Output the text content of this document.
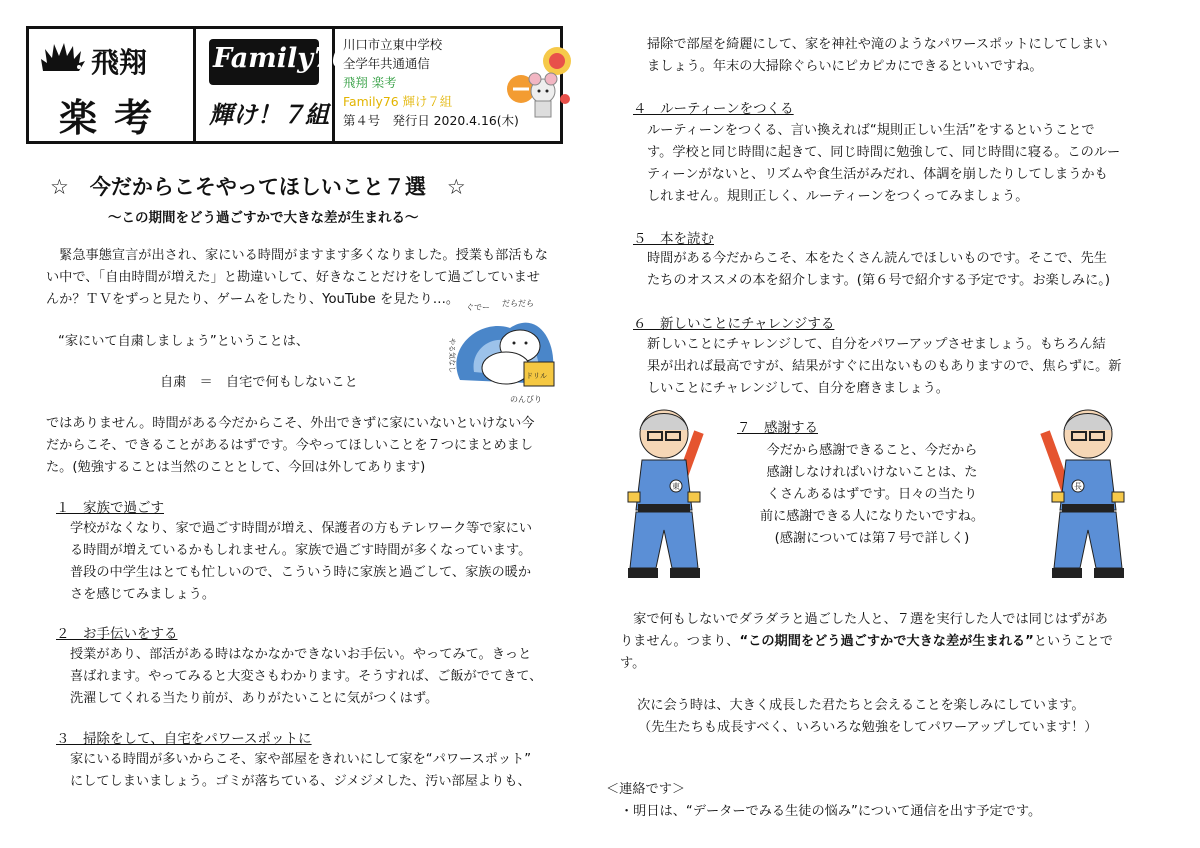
飛翔
楽 考
Family76
輝け！７組
川口市立東中学校
全学年共通通信
飛翔 楽考
Family76 輝け７組
第４号　発行日 2020.4.16(木)
☆　今だからこそやってほしいこと７選　☆
～この期間をどう過ごすかで大きな差が生まれる～
　緊急事態宣言が出され、家にいる時間がますます多くなりました。授業も部活もな
い中で、「自由時間が増えた」と勘違いして、好きなことだけをして過ごしていませ
んか？ＴＶをずっと見たり、ゲームをしたり、YouTube を見たり…。
“家にいて自粛しましょう”ということは、
自粛　＝　自宅で何もしないこと
のんびり
ぐでー だらだら
ドリル
やる気なし
ではありません。時間がある今だからこそ、外出できずに家にいないといけない今
だからこそ、できることがあるはずです。今やってほしいことを７つにまとめまし
た。(勉強することは当然のこととして、今回は外してあります)
１　家族で過ごす
学校がなくなり、家で過ごす時間が増え、保護者の方もテレワーク等で家にい
る時間が増えているかもしれません。家族で過ごす時間が多くなっています。
普段の中学生はとても忙しいので、こういう時に家族と過ごして、家族の暖か
さを感じてみましょう。
２　お手伝いをする
授業があり、部活がある時はなかなかできないお手伝い。やってみて。きっと
喜ばれます。やってみると大変さもわかります。そうすれば、ご飯がでてきて、
洗濯してくれる当たり前が、ありがたいことに気がつくはず。
３　掃除をして、自宅をパワースポットに
家にいる時間が多いからこそ、家や部屋をきれいにして家を“パワースポット”
にしてしまいましょう。ゴミが落ちている、ジメジメした、汚い部屋よりも、
掃除で部屋を綺麗にして、家を神社や滝のようなパワースポットにしてしまい
ましょう。年末の大掃除ぐらいにピカピカにできるといいですね。
４　ルーティーンをつくる
ルーティーンをつくる、言い換えれば“規則正しい生活”をするということで
す。学校と同じ時間に起きて、同じ時間に勉強して、同じ時間に寝る。このルー
ティーンがないと、リズムや食生活がみだれ、体調を崩したりしてしまうかも
しれません。規則正しく、ルーティーンをつくってみましょう。
５　本を読む
時間がある今だからこそ、本をたくさん読んでほしいものです。そこで、先生
たちのオススメの本を紹介します。(第６号で紹介する予定です。お楽しみに。)
６　新しいことにチャレンジする
新しいことにチャレンジして、自分をパワーアップさせましょう。もちろん結
果が出れば最高ですが、結果がすぐに出ないものもありますので、焦らずに。新
しいことにチャレンジして、自分を磨きましょう。
東
７　感謝する
今だから感謝できること、今だから
感謝しなければいけないことは、た
くさんあるはずです。日々の当たり
前に感謝できる人になりたいですね。
(感謝については第７号で詳しく)
長
　家で何もしないでダラダラと過ごした人と、７選を実行した人では同じはずがあ
りません。つまり、“この期間をどう過ごすかで大きな差が生まれる”ということで
す。
　次に会う時は、大きく成長した君たちと会えることを楽しみにしています。
（先生たちも成長すべく、いろいろな勉強をしてパワーアップしています！）
＜連絡です＞
・明日は、“データーでみる生徒の悩み”について通信を出す予定です。
